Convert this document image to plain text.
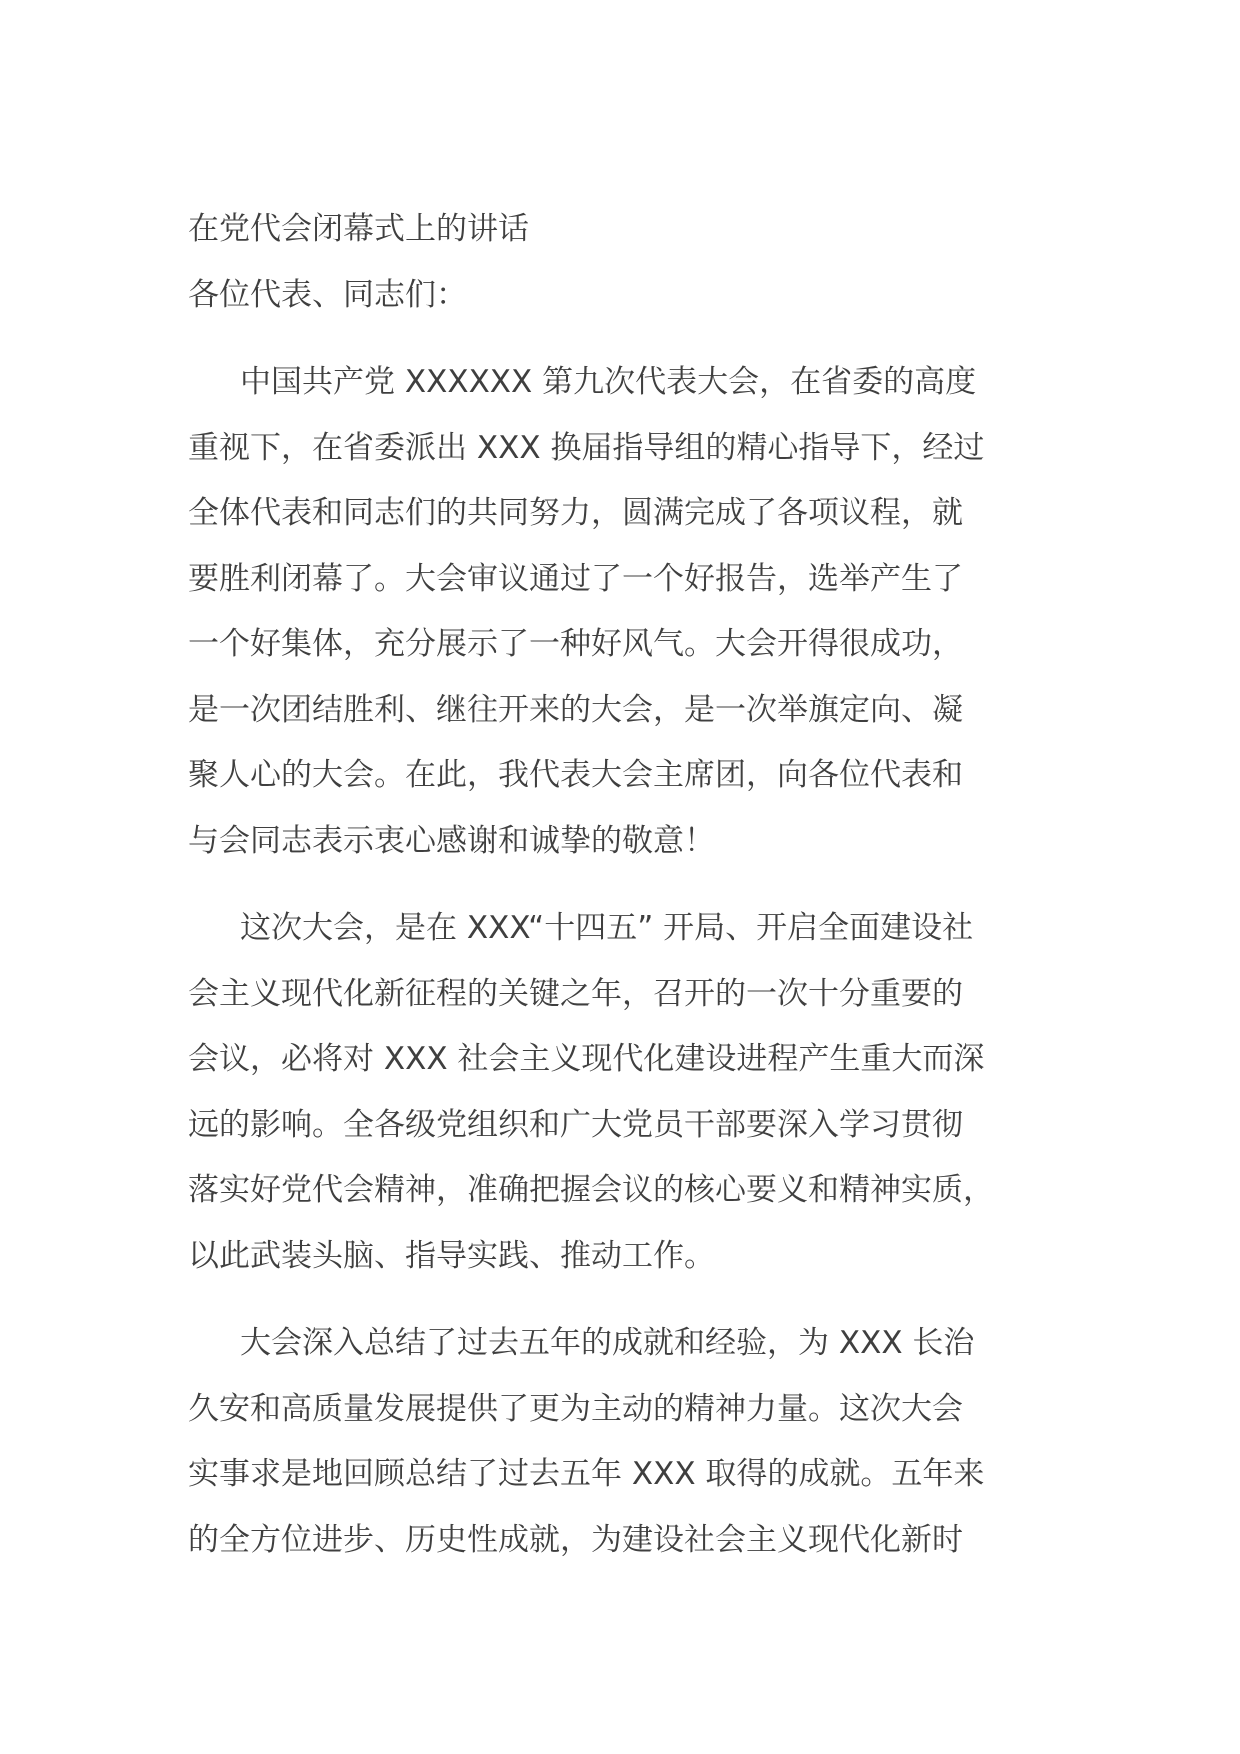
在党代会闭幕式上的讲话

各位代表、同志们：

中国共产党 XXXXXX 第九次代表大会，在省委的高度
重视下，在省委派出 XXX 换届指导组的精心指导下，经过
全体代表和同志们的共同努力，圆满完成了各项议程，就
要胜利闭幕了。大会审议通过了一个好报告，选举产生了
一个好集体，充分展示了一种好风气。大会开得很成功，
是一次团结胜利、继往开来的大会，是一次举旗定向、凝
聚人心的大会。在此，我代表大会主席团，向各位代表和
与会同志表示衷心感谢和诚挚的敬意！
这次大会，是在 XXX“十四五” 开局、开启全面建设社
会主义现代化新征程的关键之年，召开的一次十分重要的
会议，必将对 XXX 社会主义现代化建设进程产生重大而深
远的影响。全各级党组织和广大党员干部要深入学习贯彻
落实好党代会精神，准确把握会议的核心要义和精神实质，
以此武装头脑、指导实践、推动工作。
大会深入总结了过去五年的成就和经验，为 XXX 长治
久安和高质量发展提供了更为主动的精神力量。这次大会
实事求是地回顾总结了过去五年 XXX 取得的成就。五年来
的全方位进步、历史性成就，为建设社会主义现代化新时
